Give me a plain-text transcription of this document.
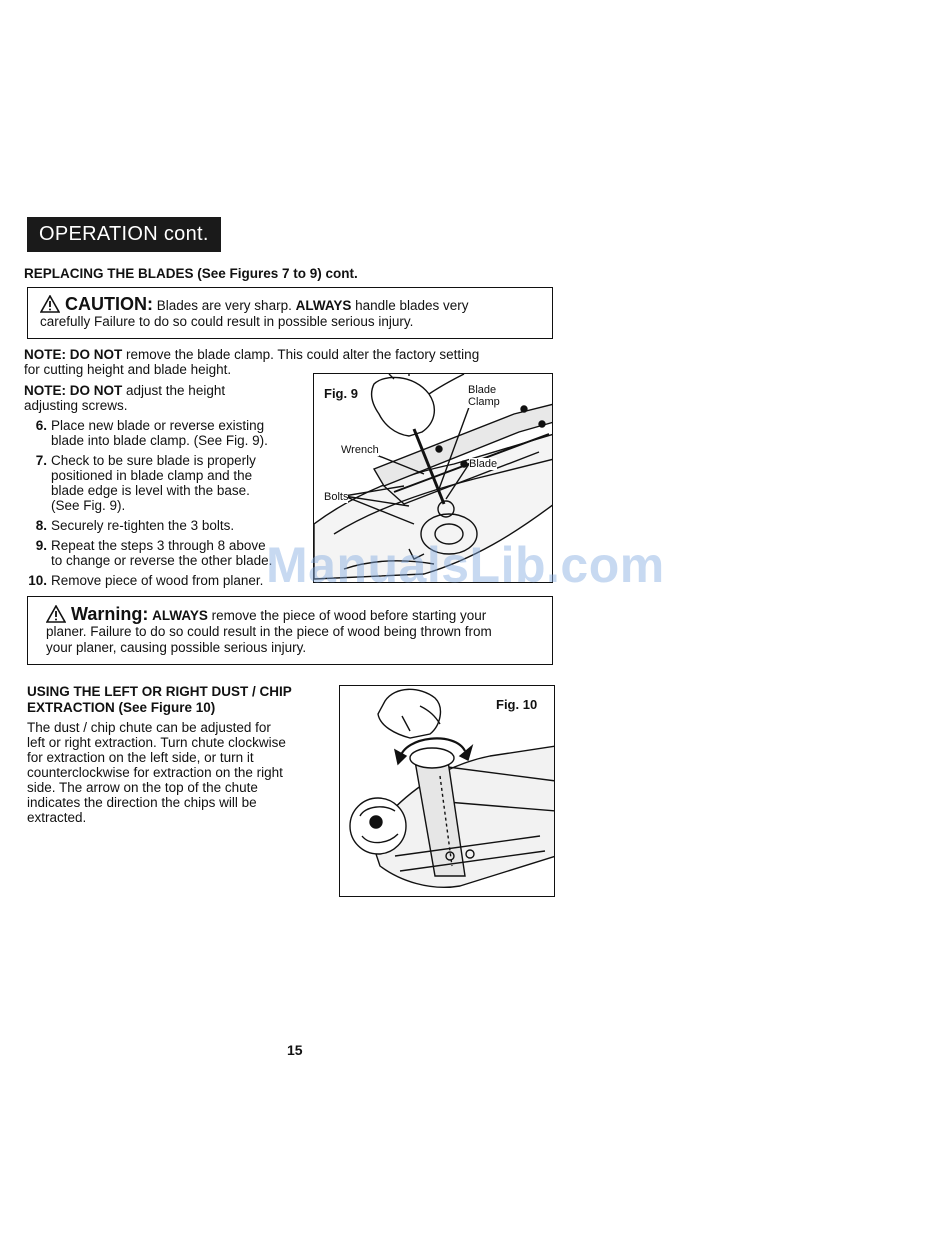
OPERATION cont.
REPLACING THE BLADES (See Figures 7 to 9) cont.
CAUTION: Blades are very sharp. ALWAYS handle blades very
carefully Failure to do so could result in possible serious injury.
NOTE: DO NOT remove the blade clamp. This could alter the factory setting
for cutting height and blade height.
NOTE: DO NOT adjust the height
adjusting screws.
6. Place new blade or reverse existing
blade into blade clamp. (See Fig. 9).
7. Check to be sure blade is properly
positioned in blade clamp and the
blade edge is level with the base.
(See Fig. 9).
8. Securely re-tighten the 3 bolts.
9. Repeat the steps 3 through 8 above
to change or reverse the other blade.
10. Remove piece of wood from planer.
Fig. 9	Blade
Clamp
Wrench
Blade
Bolts
Warning: ALWAYS remove the piece of wood before starting your
planer. Failure to do so could result in the piece of wood being thrown from
your planer, causing possible serious injury.
USING THE LEFT OR RIGHT DUST / CHIP
EXTRACTION (See Figure 10)
The dust / chip chute can be adjusted for
left or right extraction. Turn chute clockwise
for extraction on the left side, or turn it
counterclockwise for extraction on the right
side. The arrow on the top of the chute
indicates the direction the chips will be
extracted.
Fig. 10
ManualsLib.com
15
